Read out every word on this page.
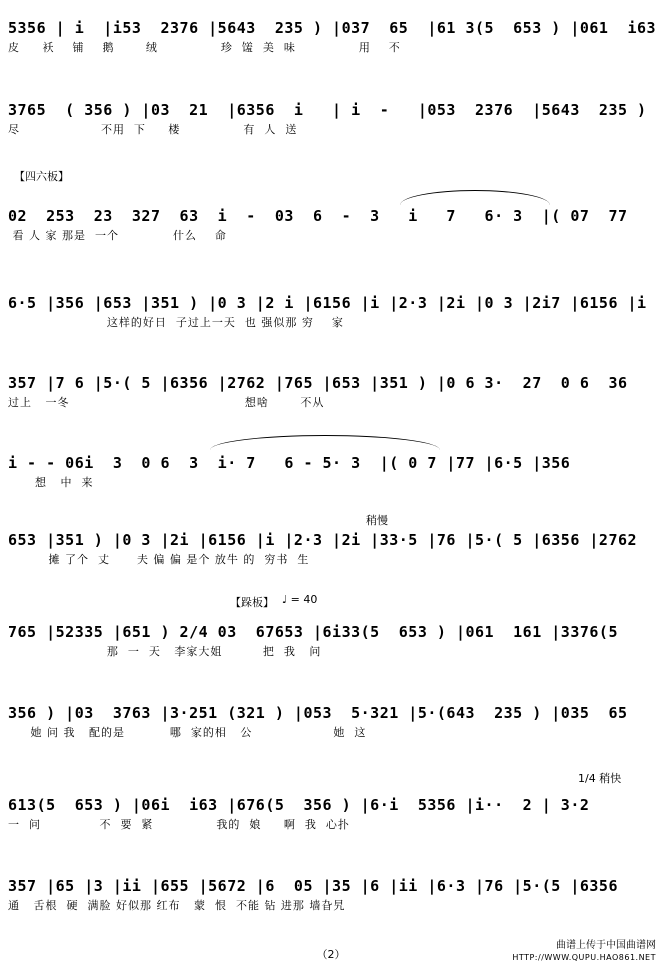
5356 | i  |i53  2376 |5643  235 ) |037  65  |61 3(5  653 ) |061  i63
皮     袄    铺    鹅       绒              珍  馐  美  味              用    不
3765  ( 356 ) |03  21  |6356  i   | i  -   |053  2376  |5643  235 )
尽                  不用  下     楼              有  人  送
【四六板】
02  253  23  327  63  i  -  03  6  -  3   i   7   6· 3  |( 07  77
看 人 家 那是  一个            什么    命
6·5 |356 |653 |351 ) |0 3 |2 i |6156 |i |2·3 |2i |0 3 |2i7 |6156 |i
这样的好日  子过上一天  也 强似那 穷    家
357 |7 6 |5·( 5 |6356 |2762 |765 |653 |351 ) |0 6 3·  27  0 6  36
过上   一冬                                       想啥       不从
i - - 06i  3  0 6  3  i· 7   6 - 5· 3  |( 0 7 |77 |6·5 |356
想   中  来
稍慢
653 |351 ) |0 3 |2i |6156 |i |2·3 |2i |33·5 |76 |5·( 5 |6356 |2762
摊 了个  丈      夫 偏 偏 是个 放牛 的  穷书  生
【跺板】 ♩ = 40
765 |52335 |651 ) 2/4 03  67653 |6i33(5  653 ) |061  161 |3376(5
那  一  天   李家大姐         把  我   问
356 ) |03  3763 |3·251 (321 ) |053  5·321 |5·(643  235 ) |035  65
她 问 我   配的是          哪  家的相   公                  她  这
1/4 稍快
613(5  653 ) |06i  i63 |676(5  356 ) |6·i  5356 |i··  2 | 3·2
一  问             不  要  紧              我的  娘     啊  我  心扑
357 |65 |3 |ii |655 |5672 |6  05 |35 |6 |ii |6·3 |76 |5·(5 |6356
通   舌根  硬  满脸 好似那 红布   蒙  恨  不能 钻 进那 墙旮旯
（2）
曲谱上传于中国曲谱网
HTTP://WWW.QUPU.HAO861.NET
